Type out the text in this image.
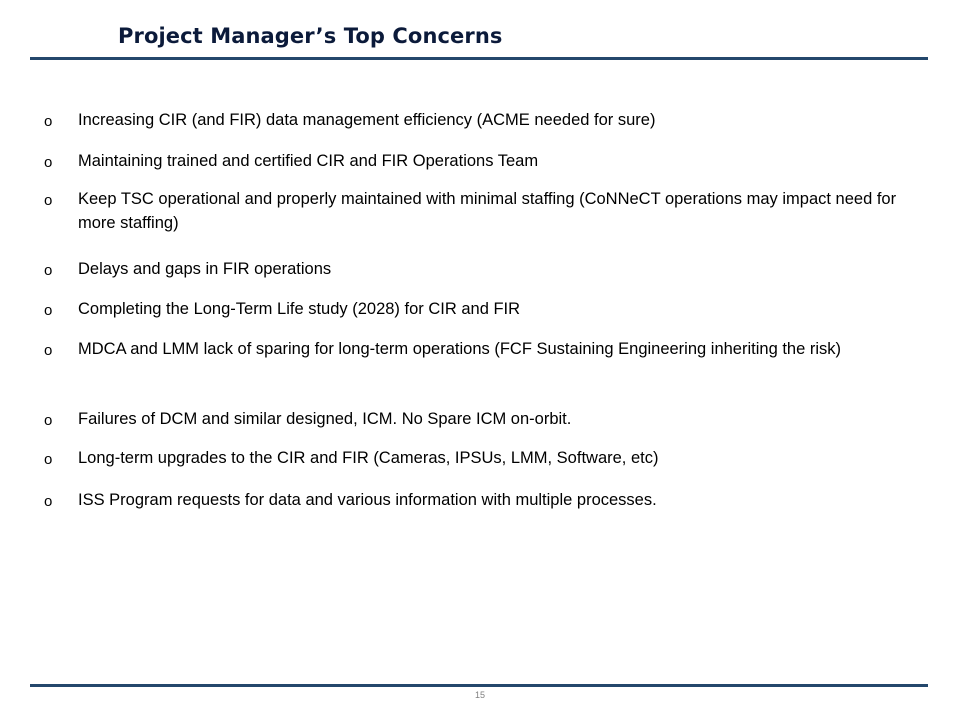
Project Manager’s Top Concerns
o	Increasing CIR (and FIR) data management efficiency (ACME needed for sure)
o	Maintaining trained and certified CIR and FIR Operations Team
o	Keep TSC operational and properly maintained with minimal staffing (CoNNeCT operations may impact need for more staffing)
o	Delays and gaps in FIR operations
o	Completing the Long-Term Life study (2028) for CIR and FIR
o	MDCA and LMM lack of sparing for long-term operations (FCF Sustaining Engineering inheriting the risk)
o	Failures of DCM and similar designed, ICM. No Spare ICM on-orbit.
o	Long-term upgrades to the CIR and FIR (Cameras, IPSUs, LMM, Software, etc)
o	ISS Program requests for data and various information with multiple processes.
15
